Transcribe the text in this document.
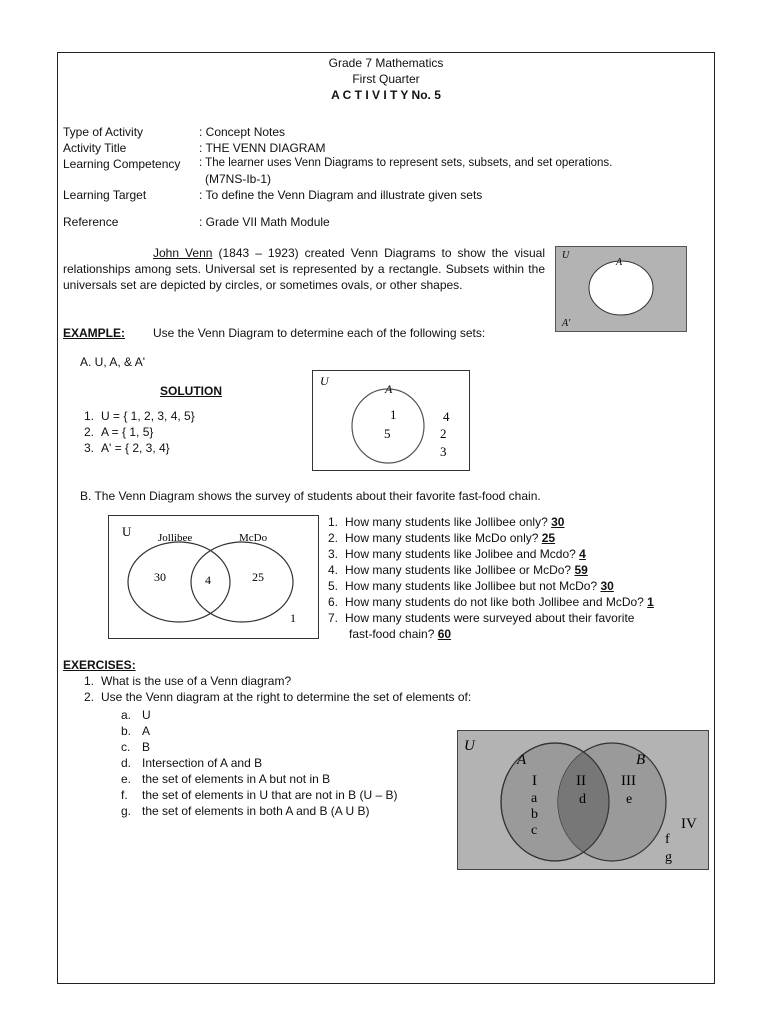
Grade 7 Mathematics
First Quarter
A C T I V I T Y No. 5
Type of Activity	: Concept Notes
Activity Title	: THE VENN DIAGRAM
Learning Competency : The learner uses Venn Diagrams to represent sets, subsets, and set operations.
(M7NS-Ib-1)
Learning Target	: To define the Venn Diagram and illustrate given sets
Reference	: Grade VII Math Module
John Venn (1843 – 1923) created Venn Diagrams to show the visual relationships among sets. Universal set is represented by a rectangle. Subsets within the universals set are depicted by circles, or sometimes ovals, or other shapes.
U
A
A'
EXAMPLE: Use the Venn Diagram to determine each of the following sets:
A. U, A, & A'
SOLUTION
1. U = { 1, 2, 3, 4, 5}
2. A = { 1, 5}
3. A' = { 2, 3, 4}
U
A
1
5
4
2
3
B. The Venn Diagram shows the survey of students about their favorite fast-food chain.
U Jollibee	McDo
30	4	25
1
1. How many students like Jollibee only? 30
2. How many students like McDo only? 25
3. How many students like Jolibee and Mcdo? 4
4. How many students like Jollibee or McDo? 59
5. How many students like Jollibee but not McDo? 30
6. How many students do not like both Jollibee and McDo? 1
7. How many students were surveyed about their favorite
fast-food chain? 60
EXERCISES:
1. What is the use of a Venn diagram?
2. Use the Venn diagram at the right to determine the set of elements of:
a. U
b. A
c. B
d. Intersection of A and B
e. the set of elements in A but not in B
f. the set of elements in U that are not in B (U – B)
g. the set of elements in both A and B (A U B)
U
A	B
I
a
b
c
II
d
III
e
IV
f
g
